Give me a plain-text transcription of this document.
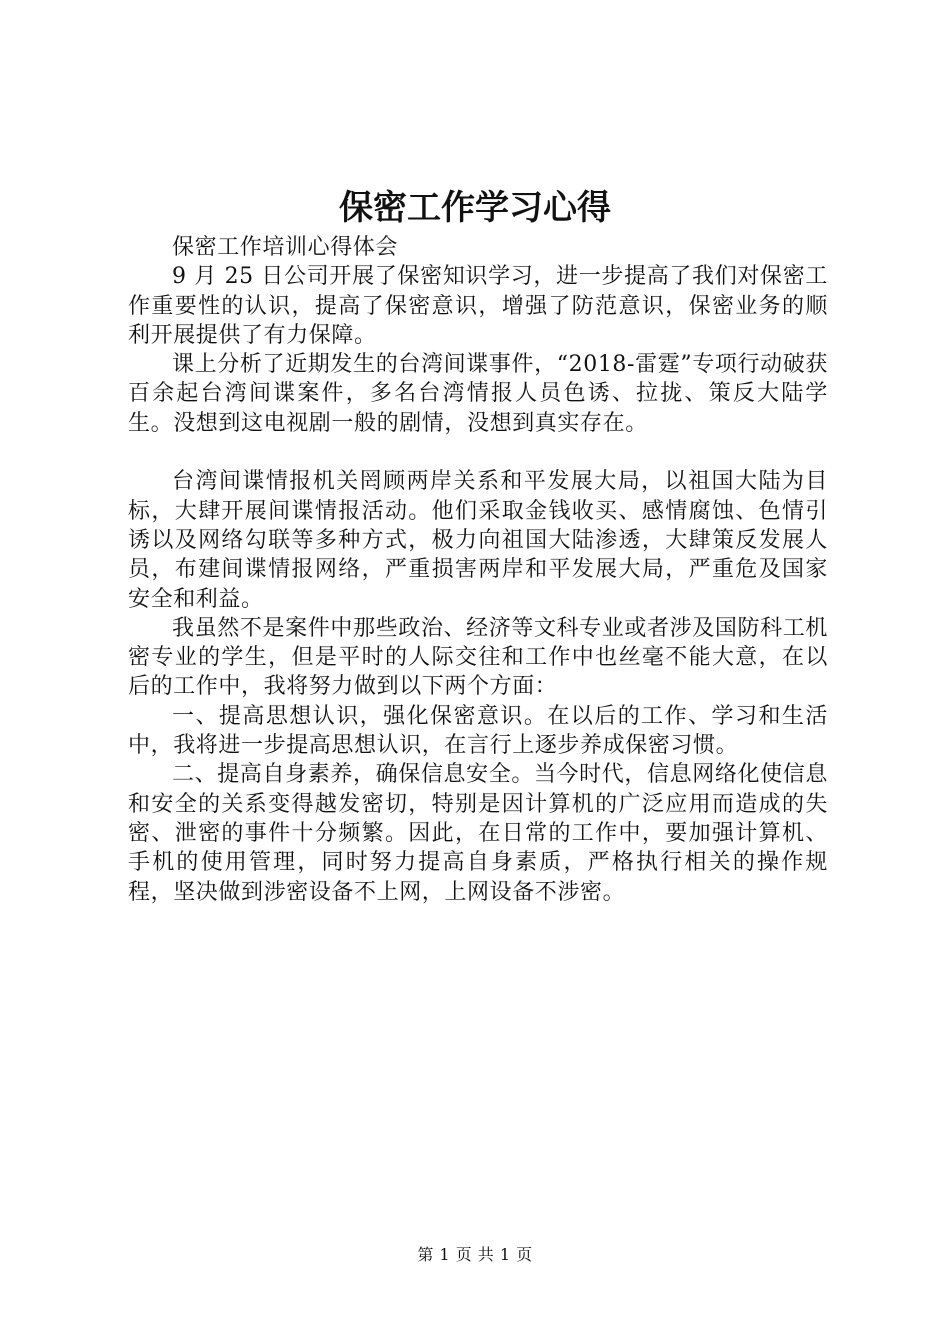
保密工作学习心得

保密工作培训心得体会

9 月 25 日公司开展了保密知识学习，进一步提高了我们对保密工作重要性的认识，提高了保密意识，增强了防范意识，保密业务的顺利开展提供了有力保障。

课上分析了近期发生的台湾间谍事件，“2018-雷霆”专项行动破获百余起台湾间谍案件，多名台湾情报人员色诱、拉拢、策反大陆学生。没想到这电视剧一般的剧情，没想到真实存在。

台湾间谍情报机关罔顾两岸关系和平发展大局，以祖国大陆为目标，大肆开展间谍情报活动。他们采取金钱收买、感情腐蚀、色情引诱以及网络勾联等多种方式，极力向祖国大陆渗透，大肆策反发展人员，布建间谍情报网络，严重损害两岸和平发展大局，严重危及国家安全和利益。

我虽然不是案件中那些政治、经济等文科专业或者涉及国防科工机密专业的学生，但是平时的人际交往和工作中也丝毫不能大意，在以后的工作中，我将努力做到以下两个方面：

一、提高思想认识，强化保密意识。在以后的工作、学习和生活中，我将进一步提高思想认识，在言行上逐步养成保密习惯。

二、提高自身素养，确保信息安全。当今时代，信息网络化使信息和安全的关系变得越发密切，特别是因计算机的广泛应用而造成的失密、泄密的事件十分频繁。因此，在日常的工作中，要加强计算机、手机的使用管理，同时努力提高自身素质，严格执行相关的操作规程，坚决做到涉密设备不上网，上网设备不涉密。

第 1 页 共 1 页
